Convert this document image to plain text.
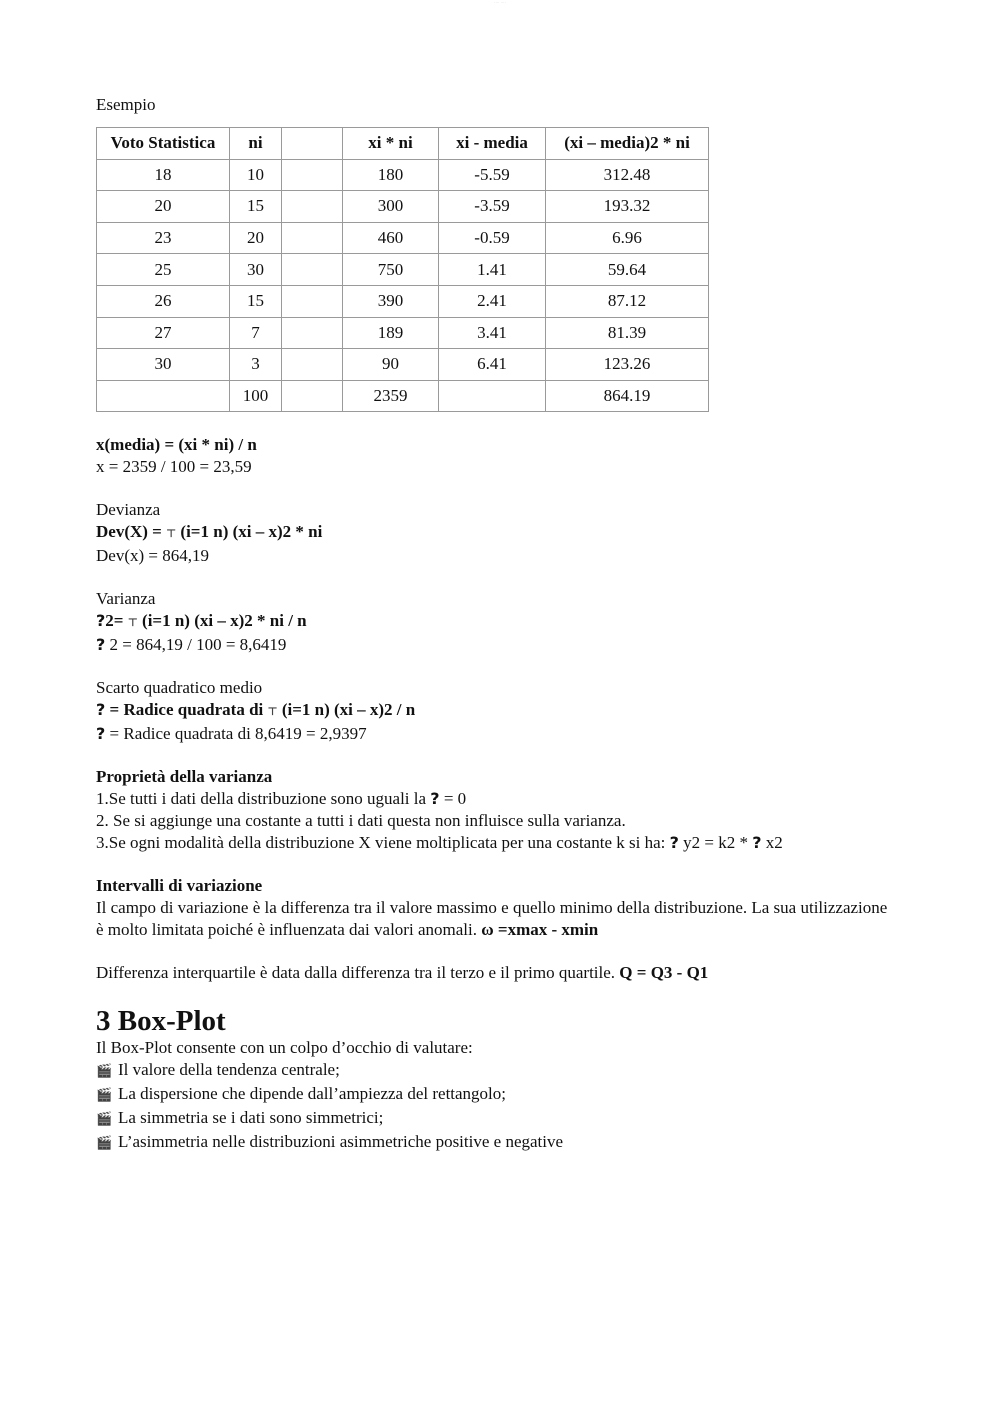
···· ····
Esempio
Voto Statistica	ni		xi * ni	xi - media	(xi – media)2 * ni
18	10		180	-5.59	312.48
20	15		300	-3.59	193.32
23	20		460	-0.59	6.96
25	30		750	1.41	59.64
26	15		390	2.41	87.12
27	7		189	3.41	81.39
30	3		90	6.41	123.26
	100		2359		864.19
x(media) = (xi * ni) / n
x = 2359 / 100 = 23,59
Devianza
Dev(X) = ⊤ (i=1 n) (xi – x)2 * ni
Dev(x) = 864,19
Varianza
?2= ⊤ (i=1 n) (xi – x)2 * ni / n
? 2 = 864,19 / 100 = 8,6419
Scarto quadratico medio
? = Radice quadrata di ⊤ (i=1 n) (xi – x)2 / n
? = Radice quadrata di 8,6419 = 2,9397
Proprietà della varianza
1.Se tutti i dati della distribuzione sono uguali la ? = 0
2. Se si aggiunge una costante a tutti i dati questa non influisce sulla varianza.
3.Se ogni modalità della distribuzione X viene moltiplicata per una costante k si ha: ? y2 = k2 * ? x2
Intervalli di variazione
Il campo di variazione è la differenza tra il valore massimo e quello minimo della distribuzione. La sua utilizzazione è molto limitata poiché è influenzata dai valori anomali. ω =xmax - xmin
Differenza interquartile è data dalla differenza tra il terzo e il primo quartile. Q = Q3 - Q1
3 Box-Plot
Il Box-Plot consente con un colpo d’occhio di valutare:
🎬 Il valore della tendenza centrale;
🎬 La dispersione che dipende dall’ampiezza del rettangolo;
🎬 La simmetria se i dati sono simmetrici;
🎬 L’asimmetria nelle distribuzioni asimmetriche positive e negative
